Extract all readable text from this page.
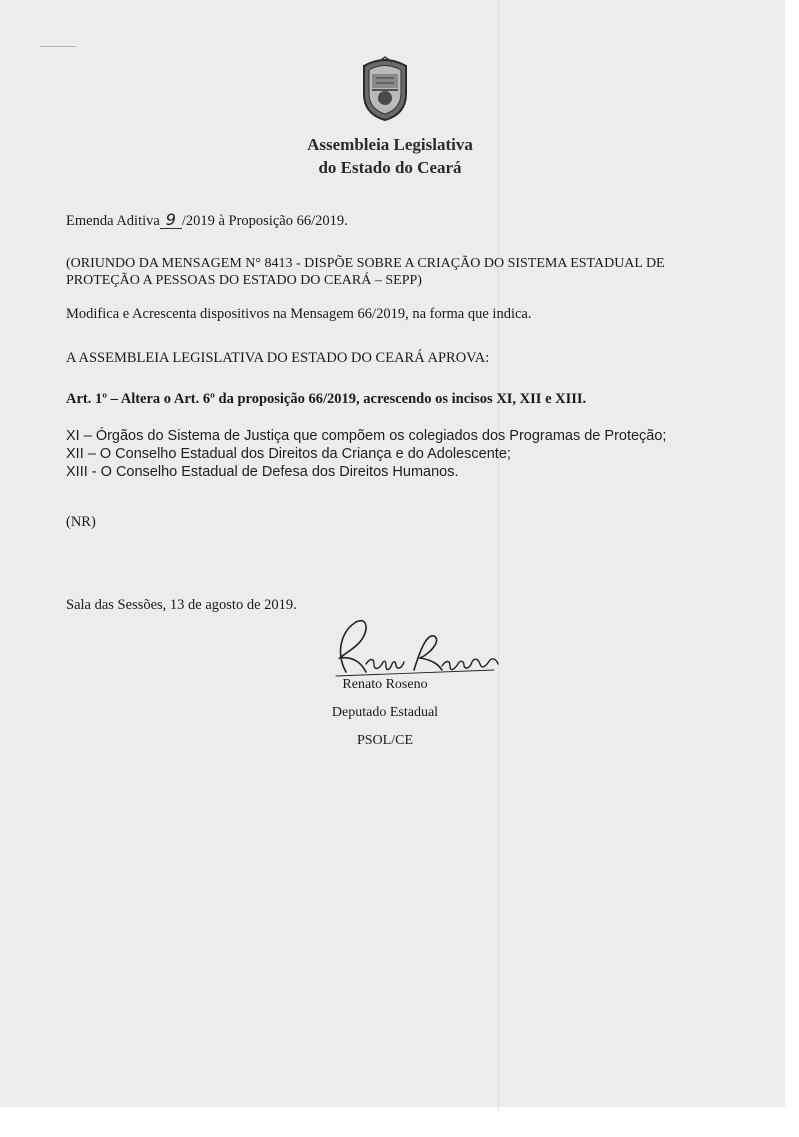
Assembleia Legislativa
do Estado do Ceará
Emenda Aditiva 9 /2019 à Proposição 66/2019.
(ORIUNDO DA MENSAGEM N° 8413 - DISPÕE SOBRE A CRIAÇÃO DO SISTEMA ESTADUAL DE PROTEÇÃO A PESSOAS DO ESTADO DO CEARÁ – SEPP)
Modifica e Acrescenta dispositivos na Mensagem 66/2019, na forma que indica.
A ASSEMBLEIA LEGISLATIVA DO ESTADO DO CEARÁ APROVA:
Art. 1º – Altera o Art. 6º da proposição 66/2019, acrescendo os incisos XI, XII e XIII.

XI – Órgãos do Sistema de Justiça que compõem os colegiados dos Programas de Proteção;

XII – O Conselho Estadual dos Direitos da Criança e do Adolescente;

XIII - O Conselho Estadual de Defesa dos Direitos Humanos.

(NR)
Sala das Sessões, 13 de agosto de 2019.
Renato Roseno
Deputado Estadual
PSOL/CE
